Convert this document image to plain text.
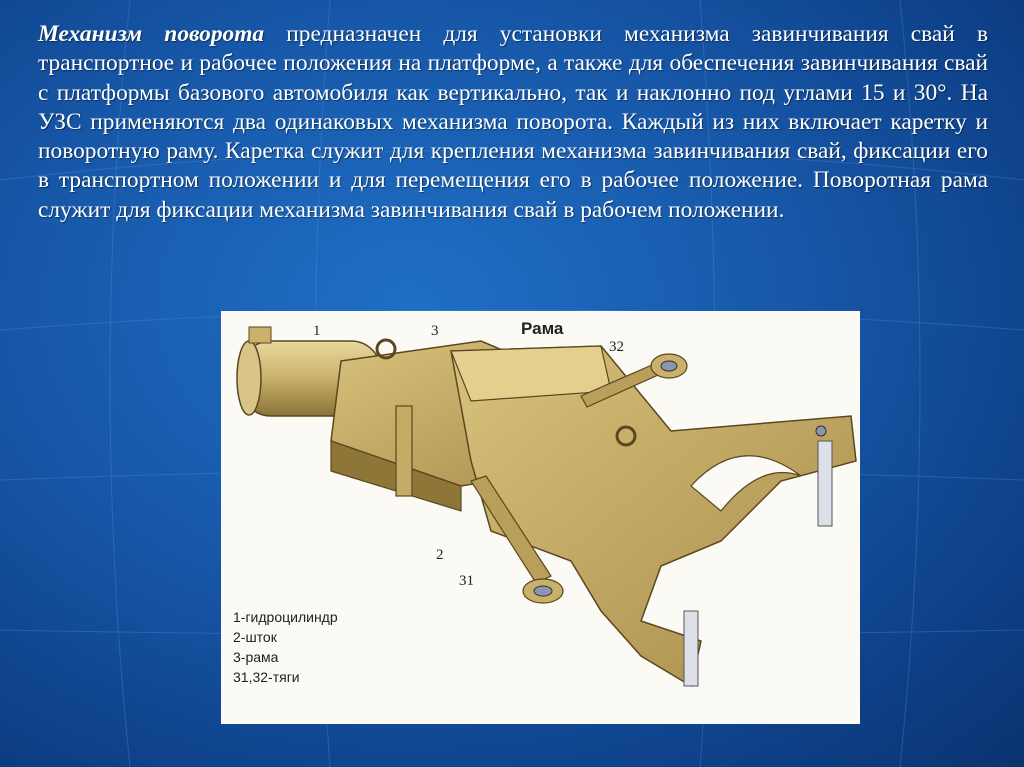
Механизм поворота предназначен для установки механизма завинчивания свай в транспортное и рабочее положения на платформе, а также для обеспечения завинчивания свай с платформы базового автомобиля как вертикально, так и наклонно под углами 15 и 30°. На УЗС применяются два одинаковых механизма поворота. Каждый из них включает каретку и поворотную раму. Каретка служит для крепления механизма завинчивания свай, фиксации его в транспортном положении и для перемещения его в рабочее положение. Поворотная рама служит для фиксации механизма завинчивания свай в рабочем положении.
Рама
1	3
32
2
31
1-гидроцилиндр
2-шток
3-рама
31,32-тяги
